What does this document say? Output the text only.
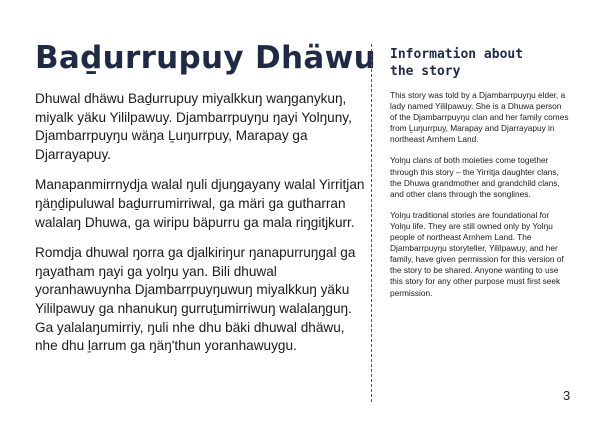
Baḏurrupuy Dhäwu

Dhuwal dhäwu Baḏurrupuy miyalkkuŋ waŋganykuŋ, miyalk yäku Yililpawuy. Djambarrpuyŋu ŋayi Yolŋuny, Djambarrpuyŋu wäŋa Ḻuŋurrpuy, Marapay ga Djarrayapuy.

Manapanmirrnydja walal ŋuli djuŋgayany walal Yirritjan ŋäṉḏipuluwal baḏurrumirriwal, ga märi ga gutharran walalaŋ Dhuwa, ga wiripu bäpurru ga mala riŋgitjkurr.

Romdja dhuwal ŋorra ga djalkiriŋur ŋanapurruŋgal ga ŋayatham ŋayi ga yolŋu yan. Bili dhuwal yoranhawuynha Djambarrpuyŋuwuŋ miyalkkuŋ yäku Yililpawuy ga nhanukuŋ gurruṯumirriwuŋ walalaŋguŋ. Ga yalalaŋumirriy, ŋuli nhe dhu bäki dhuwal dhäwu, nhe dhu ḻarrum ga ŋäŋ'thun yoranhawuygu.

Information about
the story

This story was told by a Djambarrpuyŋu elder, a lady named Yililpawuy. She is a Dhuwa person of the Djambarrpuyŋu clan and her family comes from Ḻuŋurrpuy, Marapay and Djarrayapuy in northeast Arnhem Land.

Yolŋu clans of both moieties come together through this story – the Yirritja daughter clans, the Dhuwa grandmother and grandchild clans, and other clans through the songlines.

Yolŋu traditional stories are foundational for Yolŋu life. They are still owned only by Yolŋu people of northeast Arnhem Land. The Djambarrpuyŋu storyteller, Yililpawuy, and her family, have given permission for this version of the story to be shared. Anyone wanting to use this story for any other purpose must first seek permission.

3
